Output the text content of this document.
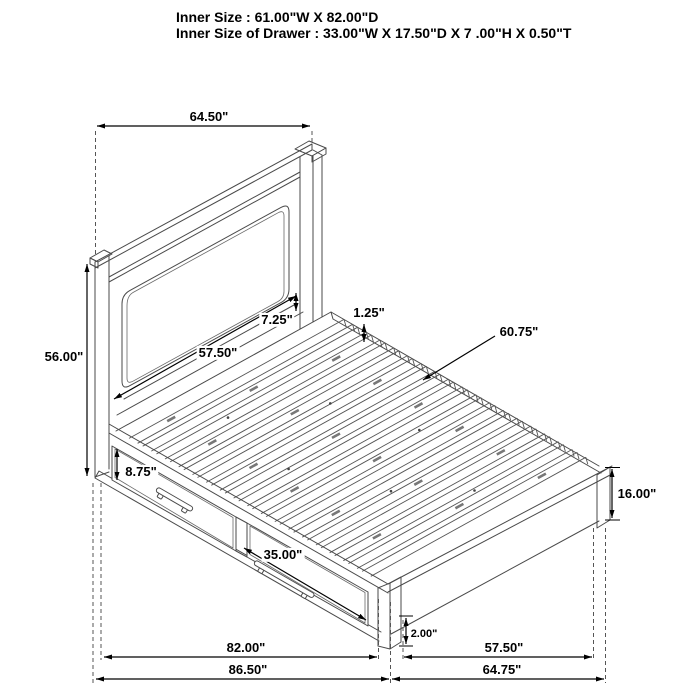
Inner Size : 61.00"W X 82.00"D
Inner Size of Drawer : 33.00"W X 17.50"D X 7 .00"H X 0.50"T
64.50"
56.00"
7.25"
57.50"
1.25"
60.75"
8.75"
35.00"
16.00"
2.00"
82.00"
86.50"
57.50"
64.75"
